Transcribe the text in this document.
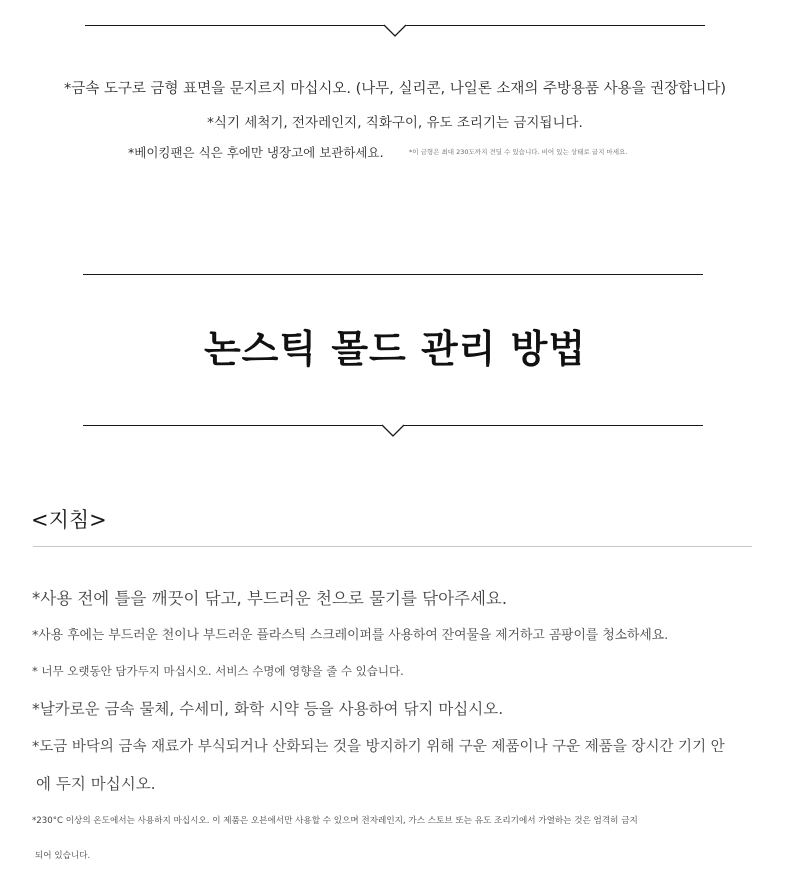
*금속 도구로 금형 표면을 문지르지 마십시오. (나무, 실리콘, 나일론 소재의 주방용품 사용을 권장합니다)
*식기 세척기, 전자레인지, 직화구이, 유도 조리기는 금지됩니다.
*베이킹팬은 식은 후에만 냉장고에 보관하세요.	*이 금형은 최대 230도까지 견딜 수 있습니다. 비어 있는 상태로 굽지 마세요.
논스틱 몰드 관리 방법
<지침>
*사용 전에 틀을 깨끗이 닦고, 부드러운 천으로 물기를 닦아주세요.
*사용 후에는 부드러운 천이나 부드러운 플라스틱 스크레이퍼를 사용하여 잔여물을 제거하고 곰팡이를 청소하세요.
* 너무 오랫동안 담가두지 마십시오. 서비스 수명에 영향을 줄 수 있습니다.
*날카로운 금속 물체, 수세미, 화학 시약 등을 사용하여 닦지 마십시오.
*도금 바닥의 금속 재료가 부식되거나 산화되는 것을 방지하기 위해 구운 제품이나 구운 제품을 장시간 기기 안
에 두지 마십시오.
*230°C 이상의 온도에서는 사용하지 마십시오. 이 제품은 오븐에서만 사용할 수 있으며 전자레인지, 가스 스토브 또는 유도 조리기에서 가열하는 것은 엄격히 금지
되어 있습니다.
